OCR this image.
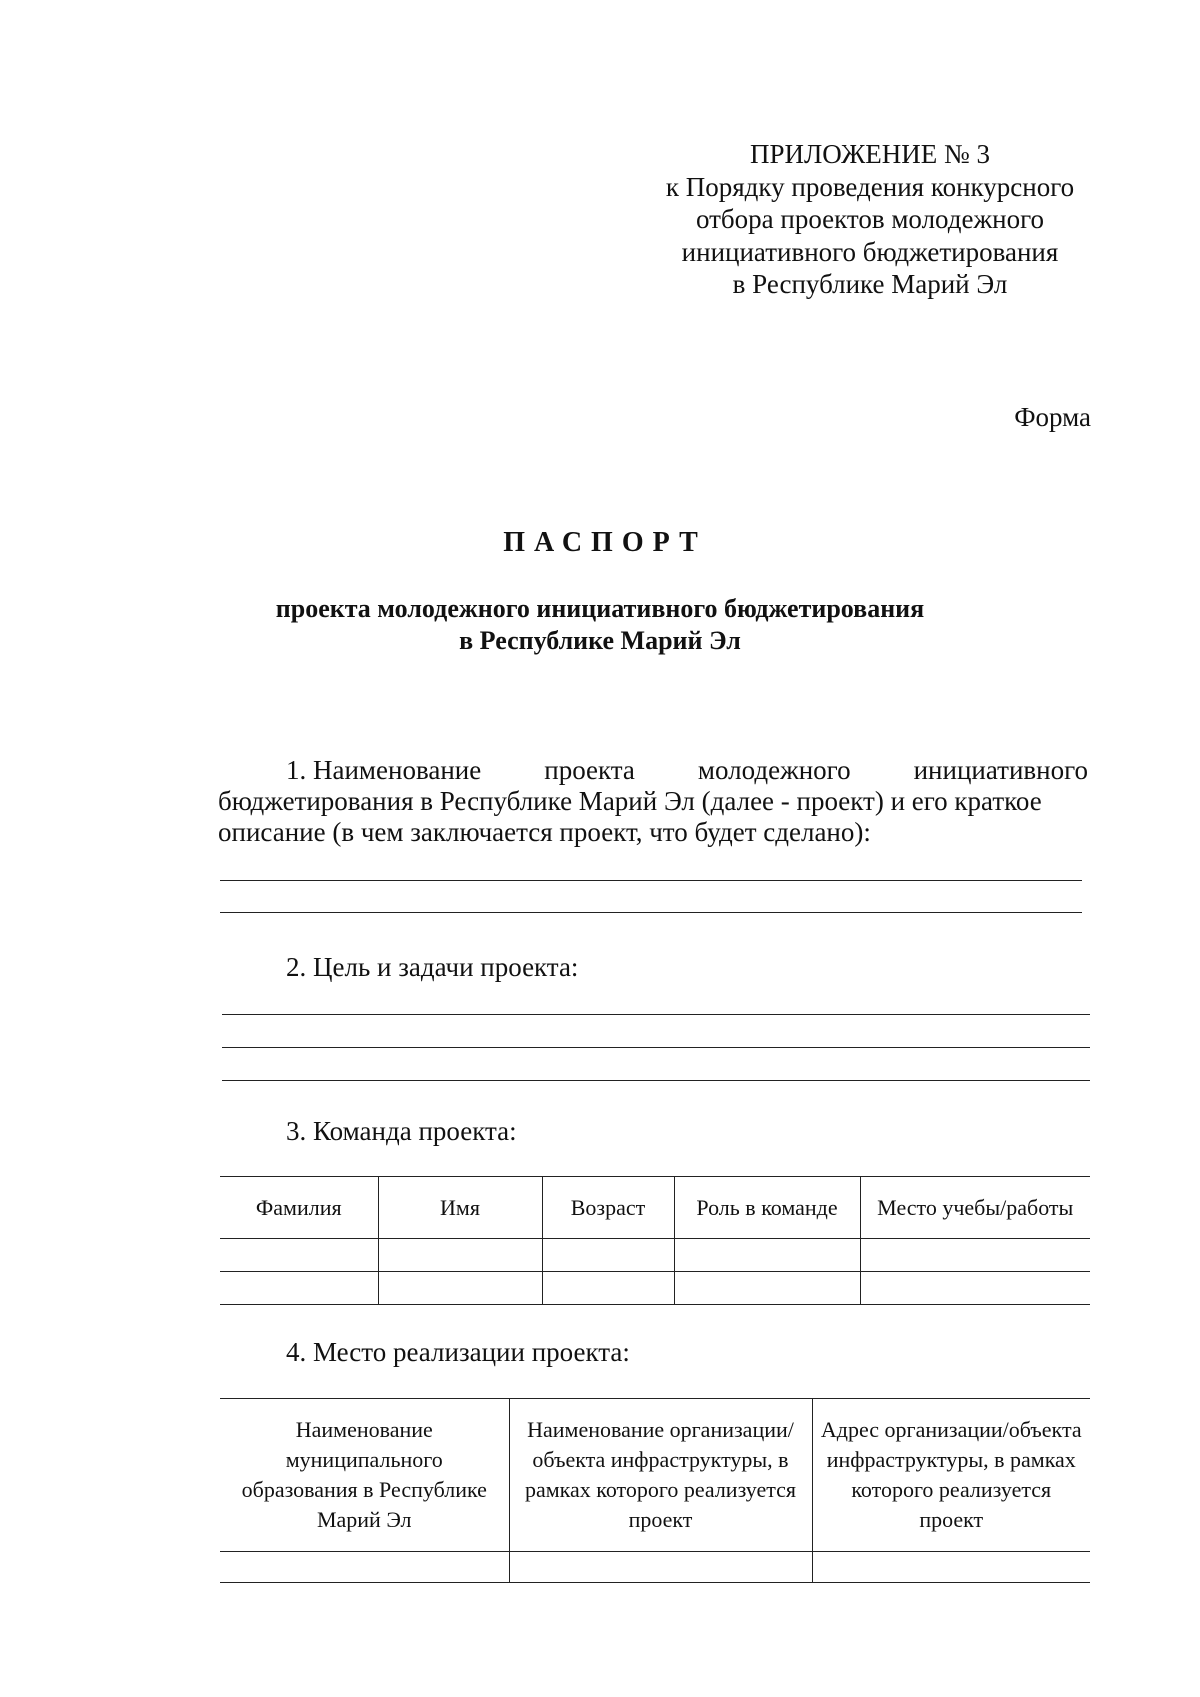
ПРИЛОЖЕНИЕ № 3
к Порядку проведения конкурсного
отбора проектов молодежного
инициативного бюджетирования
в Республике Марий Эл
Форма
ПАСПОРТ
проекта молодежного инициативного бюджетирования
в Республике Марий Эл
1. Наименование проекта молодежного инициативного
бюджетирования в Республике Марий Эл (далее - проект) и его краткое
описание (в чем заключается проект, что будет сделано):
2. Цель и задачи проекта:
3. Команда проекта:
Фамилия	Имя	Возраст	Роль в команде	Место учебы/работы

4. Место реализации проекта:
Наименование муниципального образования в Республике Марий Эл	Наименование организации/объекта инфраструктуры, в рамках которого реализуется проект	Адрес организации/объекта инфраструктуры, в рамках которого реализуется проект
